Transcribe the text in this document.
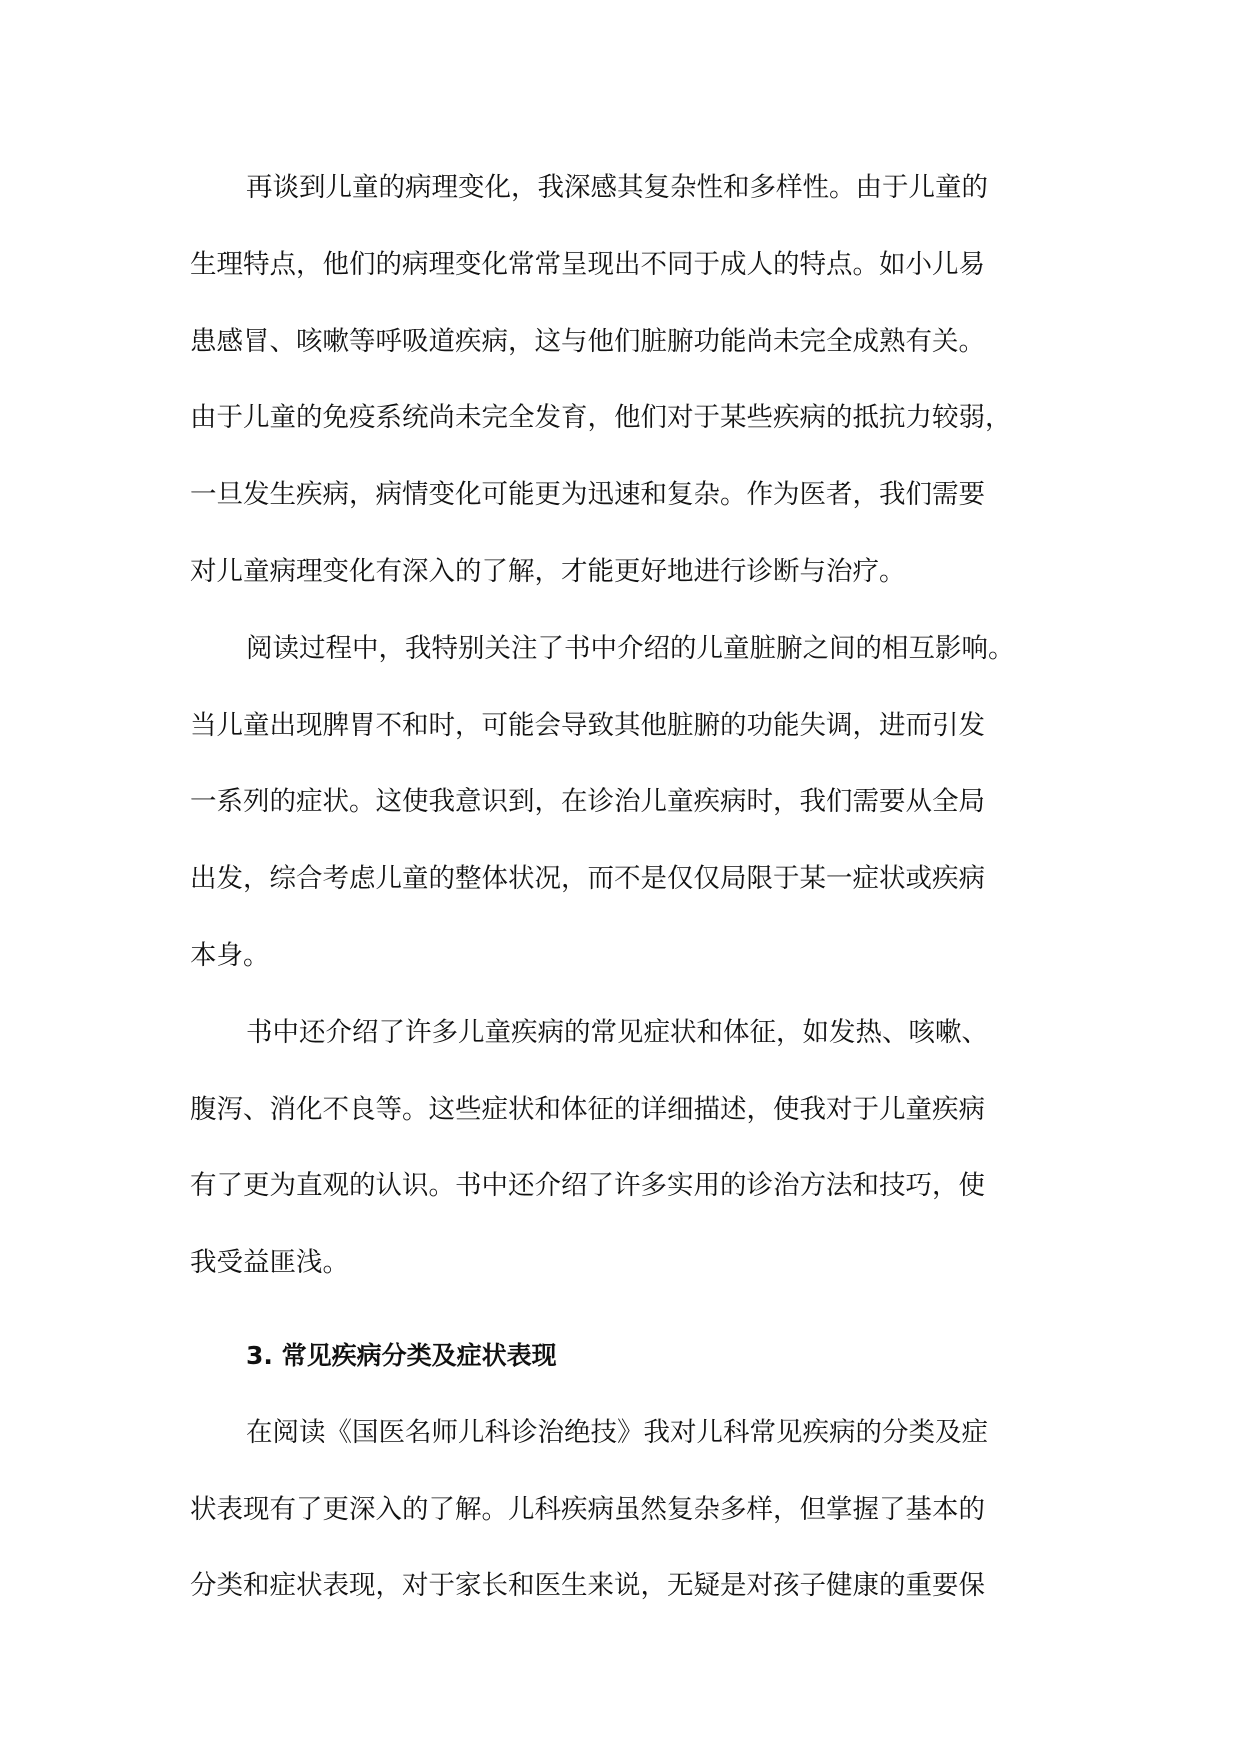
再谈到儿童的病理变化，我深感其复杂性和多样性。由于儿童的
生理特点，他们的病理变化常常呈现出不同于成人的特点。如小儿易
患感冒、咳嗽等呼吸道疾病，这与他们脏腑功能尚未完全成熟有关。
由于儿童的免疫系统尚未完全发育，他们对于某些疾病的抵抗力较弱，
一旦发生疾病，病情变化可能更为迅速和复杂。作为医者，我们需要
对儿童病理变化有深入的了解，才能更好地进行诊断与治疗。
阅读过程中，我特别关注了书中介绍的儿童脏腑之间的相互影响。
当儿童出现脾胃不和时，可能会导致其他脏腑的功能失调，进而引发
一系列的症状。这使我意识到，在诊治儿童疾病时，我们需要从全局
出发，综合考虑儿童的整体状况，而不是仅仅局限于某一症状或疾病
本身。
书中还介绍了许多儿童疾病的常见症状和体征，如发热、咳嗽、
腹泻、消化不良等。这些症状和体征的详细描述，使我对于儿童疾病
有了更为直观的认识。书中还介绍了许多实用的诊治方法和技巧，使
我受益匪浅。
3. 常见疾病分类及症状表现
在阅读《国医名师儿科诊治绝技》我对儿科常见疾病的分类及症
状表现有了更深入的了解。儿科疾病虽然复杂多样，但掌握了基本的
分类和症状表现，对于家长和医生来说，无疑是对孩子健康的重要保
